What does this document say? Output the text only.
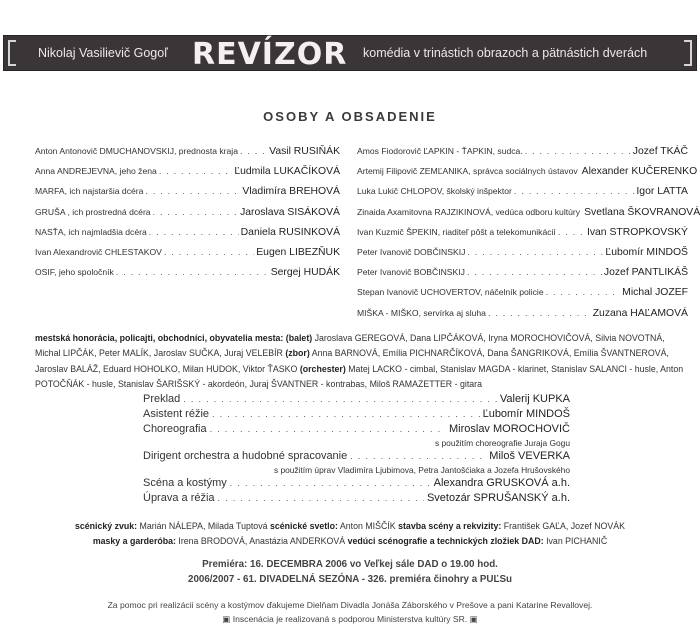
Nikolaj Vasilievič Gogoľ REVÍZOR komédia v trinástich obrazoch a pätnástich dverách
OSOBY A OBSADENIE
Anton Antonovič DMUCHANOVSKIJ, prednosta kraja . . .	Vasil RUSIŇÁK
Anna ANDREJEVNA, jeho žena . . .	Ľudmila LUKAČÍKOVÁ
MARFA, ich najstaršia dcéra . . .	Vladimíra BREHOVÁ
GRUŠA , ich prostredná dcéra . . .	Jaroslava SISÁKOVÁ
NASŤA, ich najmladšia dcéra . . .	Daniela RUSINKOVÁ
Ivan Alexandrovič CHLESTAKOV . . .	Eugen LIBEZŇUK
OSIF, jeho spoločník . . .	Sergej HUDÁK
Amos Fiodorovič ĽAPKIN - ŤAPKIN, sudca. . . .	Jozef TKÁČ
Artemij Filipovič ZEMĽANIKA, správca sociálnych ústavov Alexander KUČERENKO
Luka Lukič CHLOPOV, školský inšpektor . . .	Igor LATTA
Zinaida Axamitovna RAJZIKINOVÁ, vedúca odboru kultúry Svetlana ŠKOVRANOVÁ
Ivan Kuzmič ŠPEKIN, riaditeľ pôšt a telekomunikácií . . .	Ivan STROPKOVSKÝ
Peter Ivanovič DOBČINSKIJ . . .	Ľubomír MINDOŠ
Peter Ivanovič BOBČINSKIJ . . .	Jozef PANTLIKÁŠ
Stepan Ivanovič UCHOVERTOV, náčelník policie . . .	Michal JOZEF
MIŠKA - MIŠKO, servírka aj sluha . . .	Zuzana HAĽAMOVÁ
mestská honorácia, policajti, obchodníci, obyvatelia mesta: (balet) Jaroslava GEREGOVÁ, Dana LIPČÁKOVÁ, Iryna MOROCHOVIČOVÁ, Silvia NOVOTNÁ, Michal LIPČÁK, Peter MALÍK, Jaroslav SUČKA, Juraj VELEBÍR (zbor) Anna BARNOVÁ, Emília PICHNARČÍKOVÁ, Dana ŠANGRIKOVÁ, Emília ŠVANTNEROVÁ, Jaroslav BALÁŽ, Eduard HOHOLKO, Milan HUDOK, Viktor ŤASKO (orchester) Matej LACKO - cimbal, Stanislav MAGDA - klarinet, Stanislav SALANCI - husle, Anton POTOČŇÁK - husle, Stanislav ŠARIŠSKÝ - akordeón, Juraj ŠVANTNER - kontrabas, Miloš RAMAZETTER - gitara
Preklad . . .	Valerij KUPKA
Asistent réžie . . .	Ľubomír MINDOŠ
Choreografia . . .	Miroslav MOROCHOVIČ
s použitím choreografie Juraja Gogu
Dirigent orchestra a hudobné spracovanie . . .	Miloš VEVERKA
s použitím úprav Vladimíra Ljubimova, Petra Jantošćiaka a Jozefa Hrušovského
Scéna a kostýmy . . .	Alexandra GRUSKOVÁ a.h.
Úprava a réžia . . .	Svetozár SPRUŠANSKÝ a.h.
scénický zvuk: Marián NÁLEPA, Milada Tuptová scénické svetlo: Anton MIŠČÍK stavba scény a rekvizity: František GAĽA, Jozef NOVÁK
masky a garderóba: Irena BRODOVÁ, Anastázia ANDERKOVÁ vedúci scénografie a technických zložiek DAD: Ivan PICHANIČ
Premiéra: 16. DECEMBRA 2006 vo Veľkej sále DAD o 19.00 hod.
2006/2007 - 61. DIVADELNÁ SEZÓNA - 326. premiéra činohry a PUĽSu
Za pomoc pri realizácii scény a kostýmov ďakujeme Dielňam Divadla Jonáša Záborského v Prešove a pani Katarine Revallovej.
▣ Inscenácia je realizovaná s podporou Ministerstva kultúry SR. ▣
